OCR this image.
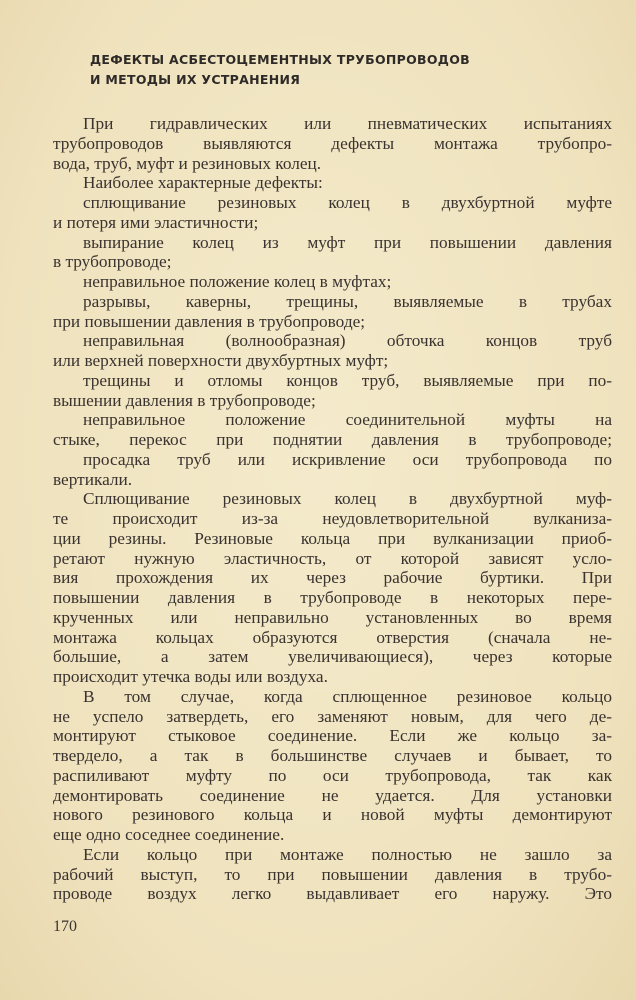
ДЕФЕКТЫ АСБЕСТОЦЕМЕНТНЫХ ТРУБОПРОВОДОВ
И МЕТОДЫ ИХ УСТРАНЕНИЯ
При гидравлических или пневматических испытаниях
трубопроводов выявляются дефекты монтажа трубопро-
вода, труб, муфт и резиновых колец.
Наиболее характерные дефекты:
сплющивание резиновых колец в двухбуртной муфте
и потеря ими эластичности;
выпирание колец из муфт при повышении давления
в трубопроводе;
неправильное положение колец в муфтах;
разрывы, каверны, трещины, выявляемые в трубах
при повышении давления в трубопроводе;
неправильная (волнообразная) обточка концов труб
или верхней поверхности двухбуртных муфт;
трещины и отломы концов труб, выявляемые при по-
вышении давления в трубопроводе;
неправильное положение соединительной муфты на
стыке, перекос при поднятии давления в трубопроводе;
просадка труб или искривление оси трубопровода по
вертикали.
Сплющивание резиновых колец в двухбуртной муф-
те происходит из-за неудовлетворительной вулканиза-
ции резины. Резиновые кольца при вулканизации приоб-
ретают нужную эластичность, от которой зависят усло-
вия прохождения их через рабочие буртики. При
повышении давления в трубопроводе в некоторых пере-
крученных или неправильно установленных во время
монтажа кольцах образуются отверстия (сначала не-
большие, а затем увеличивающиеся), через которые
происходит утечка воды или воздуха.
В том случае, когда сплющенное резиновое кольцо
не успело затвердеть, его заменяют новым, для чего де-
монтируют стыковое соединение. Если же кольцо за-
твердело, а так в большинстве случаев и бывает, то
распиливают муфту по оси трубопровода, так как
демонтировать соединение не удается. Для установки
нового резинового кольца и новой муфты демонтируют
еще одно соседнее соединение.
Если кольцо при монтаже полностью не зашло за
рабочий выступ, то при повышении давления в трубо-
проводе воздух легко выдавливает его наружу. Это
170
